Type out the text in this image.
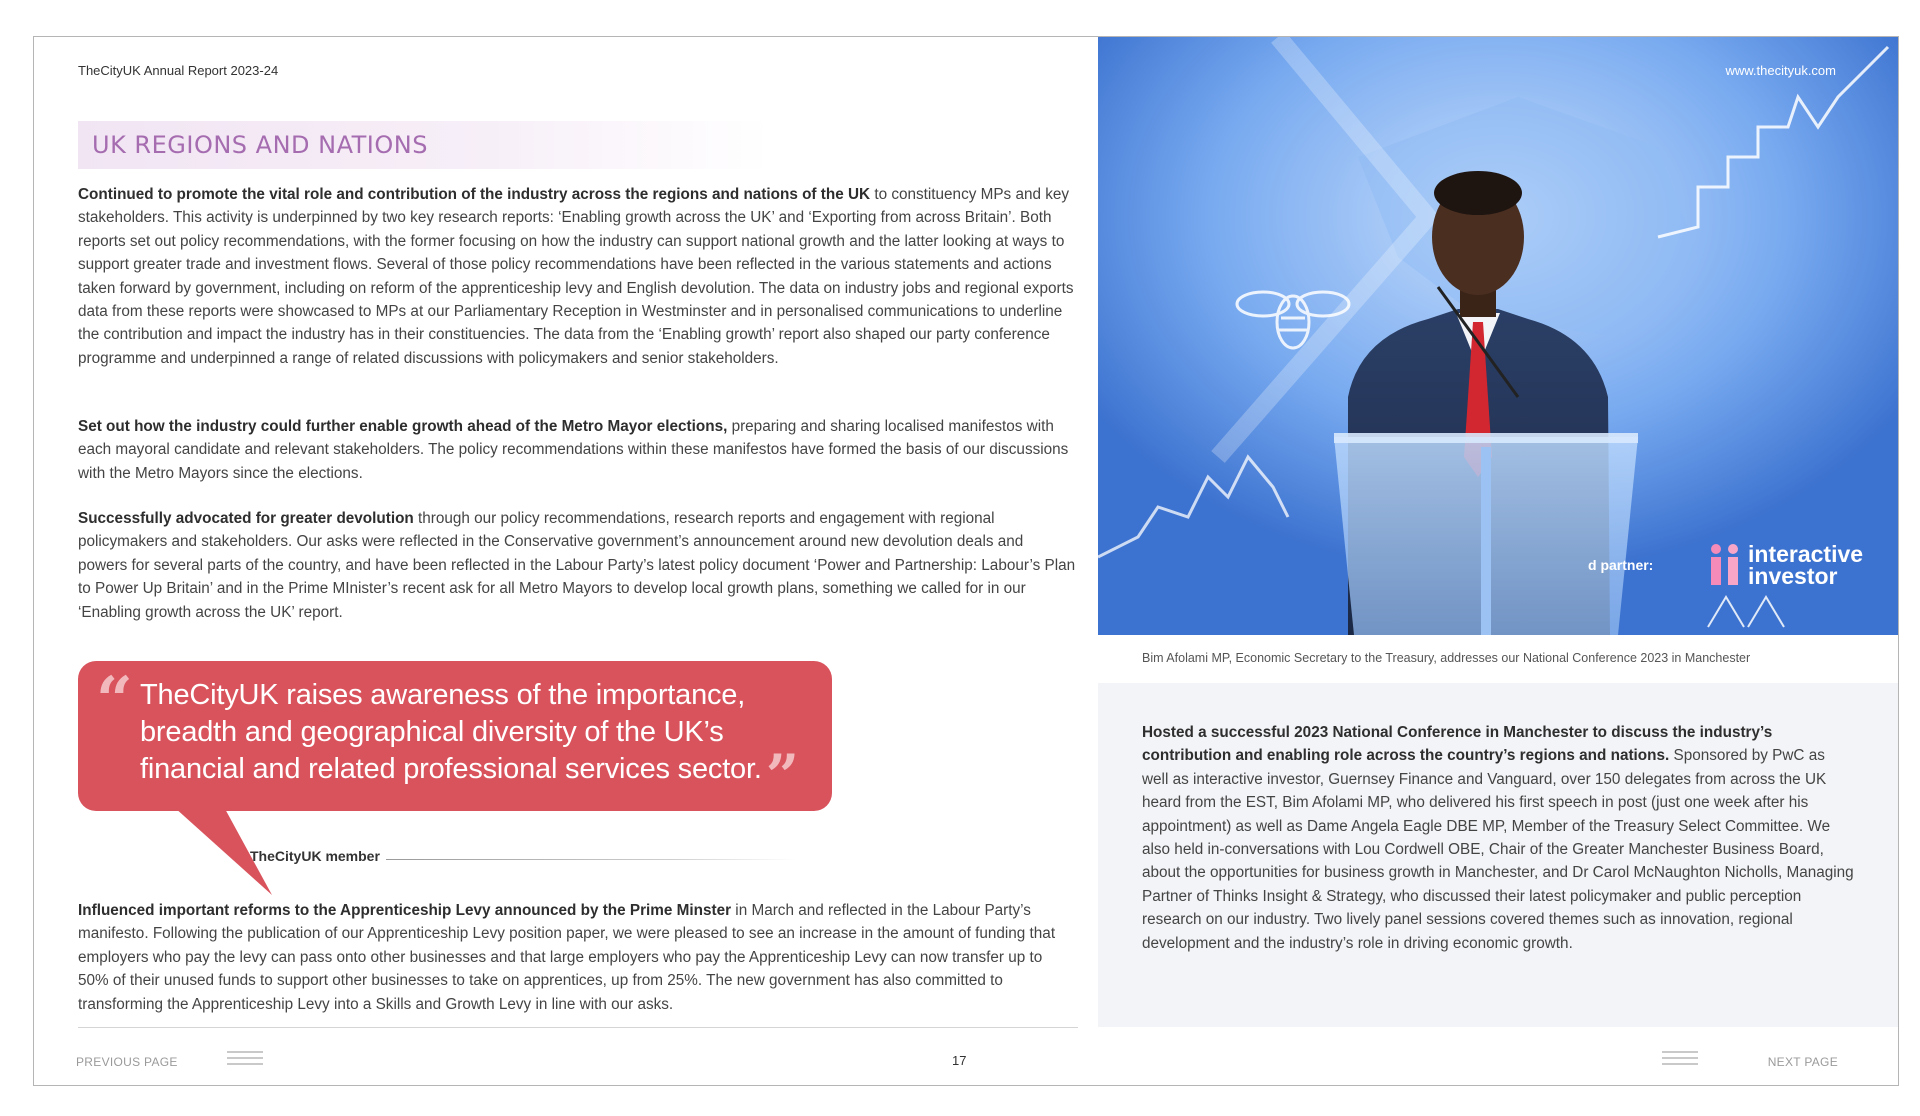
TheCityUK Annual Report 2023-24
UK REGIONS AND NATIONS
Continued to promote the vital role and contribution of the industry across the regions and nations of the UK to constituency MPs and key stakeholders. This activity is underpinned by two key research reports: ‘Enabling growth across the UK’ and ‘Exporting from across Britain’. Both reports set out policy recommendations, with the former focusing on how the industry can support national growth and the latter looking at ways to support greater trade and investment flows. Several of those policy recommendations have been reflected in the various statements and actions taken forward by government, including on reform of the apprenticeship levy and English devolution. The data on industry jobs and regional exports data from these reports were showcased to MPs at our Parliamentary Reception in Westminster and in personalised communications to underline the contribution and impact the industry has in their constituencies. The data from the ‘Enabling growth’ report also shaped our party conference programme and underpinned a range of related discussions with policymakers and senior stakeholders.
Set out how the industry could further enable growth ahead of the Metro Mayor elections, preparing and sharing localised manifestos with each mayoral candidate and relevant stakeholders. The policy recommendations within these manifestos have formed the basis of our discussions with the Metro Mayors since the elections.
Successfully advocated for greater devolution through our policy recommendations, research reports and engagement with regional policymakers and stakeholders. Our asks were reflected in the Conservative government’s announcement around new devolution deals and powers for several parts of the country, and have been reflected in the Labour Party’s latest policy document ‘Power and Partnership: Labour’s Plan to Power Up Britain’ and in the Prime MInister’s recent ask for all Metro Mayors to develop local growth plans, something we called for in our ‘Enabling growth across the UK’ report.
“ TheCityUK raises awareness of the importance, breadth and geographical diversity of the UK’s financial and related professional services sector.”
TheCityUK member
Influenced important reforms to the Apprenticeship Levy announced by the Prime Minster in March and reflected in the Labour Party’s manifesto. Following the publication of our Apprenticeship Levy position paper, we were pleased to see an increase in the amount of funding that employers who pay the levy can pass onto other businesses and that large employers who pay the Apprenticeship Levy can now transfer up to 50% of their unused funds to support other businesses to take on apprentices, up from 25%. The new government has also committed to transforming the Apprenticeship Levy into a Skills and Growth Levy in line with our asks.
PREVIOUS PAGE	17
www.thecityuk.com
d partner:	interactive
investor
Bim Afolami MP, Economic Secretary to the Treasury, addresses our National Conference 2023 in Manchester
Hosted a successful 2023 National Conference in Manchester to discuss the industry’s contribution and enabling role across the country’s regions and nations. Sponsored by PwC as well as interactive investor, Guernsey Finance and Vanguard, over 150 delegates from across the UK heard from the EST, Bim Afolami MP, who delivered his first speech in post (just one week after his appointment) as well as Dame Angela Eagle DBE MP, Member of the Treasury Select Committee. We also held in-conversations with Lou Cordwell OBE, Chair of the Greater Manchester Business Board, about the opportunities for business growth in Manchester, and Dr Carol McNaughton Nicholls, Managing Partner of Thinks Insight & Strategy, who discussed their latest policymaker and public perception research on our industry. Two lively panel sessions covered themes such as innovation, regional development and the industry’s role in driving economic growth.
NEXT PAGE
